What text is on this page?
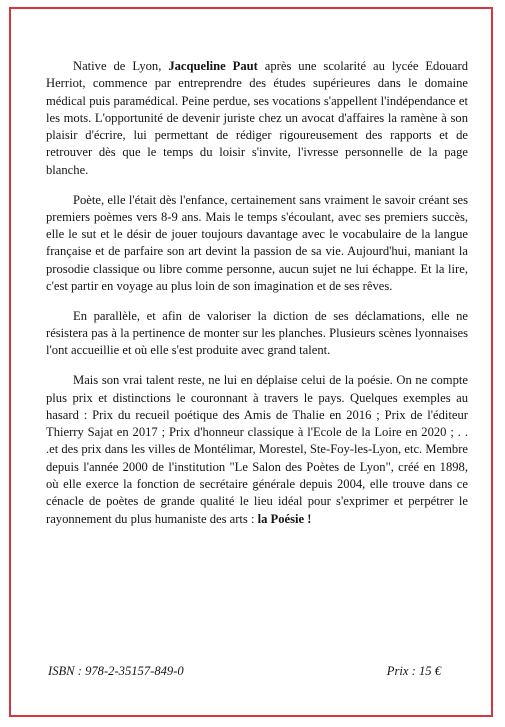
Native de Lyon, Jacqueline Paut après une scolarité au lycée Edouard Herriot, commence par entreprendre des études supérieures dans le domaine médical puis paramédical. Peine perdue, ses vocations s'appellent l'indépendance et les mots. L'opportunité de devenir juriste chez un avocat d'affaires la ramène à son plaisir d'écrire, lui permettant de rédiger rigoureusement des rapports et de retrouver dès que le temps du loisir s'invite, l'ivresse personnelle de la page blanche.

Poète, elle l'était dès l'enfance, certainement sans vraiment le savoir créant ses premiers poèmes vers 8-9 ans. Mais le temps s'écoulant, avec ses premiers succès, elle le sut et le désir de jouer toujours davantage avec le vocabulaire de la langue française et de parfaire son art devint la passion de sa vie. Aujourd'hui, maniant la prosodie classique ou libre comme personne, aucun sujet ne lui échappe. Et la lire, c'est partir en voyage au plus loin de son imagination et de ses rêves.

En parallèle, et afin de valoriser la diction de ses déclamations, elle ne résistera pas à la pertinence de monter sur les planches. Plusieurs scènes lyonnaises l'ont accueillie et où elle s'est produite avec grand talent.

Mais son vrai talent reste, ne lui en déplaise celui de la poésie. On ne compte plus prix et distinctions le couronnant à travers le pays. Quelques exemples au hasard : Prix du recueil poétique des Amis de Thalie en 2016 ; Prix de l'éditeur Thierry Sajat en 2017 ; Prix d'honneur classique à l'Ecole de la Loire en 2020 ; . . .et des prix dans les villes de Montélimar, Morestel, Ste-Foy-les-Lyon, etc. Membre depuis l'année 2000 de l'institution "Le Salon des Poètes de Lyon", créé en 1898, où elle exerce la fonction de secrétaire générale depuis 2004, elle trouve dans ce cénacle de poètes de grande qualité le lieu idéal pour s'exprimer et perpétrer le rayonnement du plus humaniste des arts : la Poésie !

ISBN : 978-2-35157-849-0	Prix : 15 €
